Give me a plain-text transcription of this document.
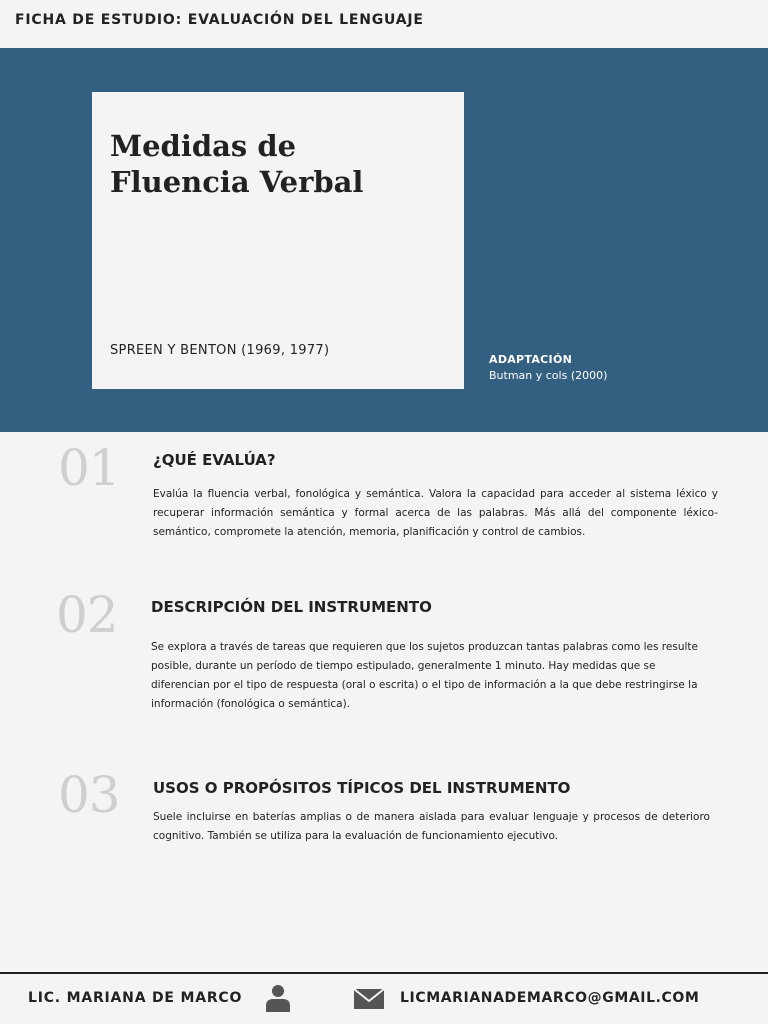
FICHA DE ESTUDIO: EVALUACIÓN DEL LENGUAJE
Medidas de Fluencia Verbal
SPREEN Y BENTON (1969, 1977)
ADAPTACIÓN
Butman y cols (2000)
01 ¿QUÉ EVALÚA?
Evalúa la fluencia verbal, fonológica y semántica. Valora la capacidad para acceder al sistema léxico y recuperar información semántica y formal acerca de las palabras. Más allá del componente léxico-semántico, compromete la atención, memoria, planificación y control de cambios.
02 DESCRIPCIÓN DEL INSTRUMENTO
Se explora a través de tareas que requieren que los sujetos produzcan tantas palabras como les resulte posible, durante un período de tiempo estipulado, generalmente 1 minuto. Hay medidas que se diferencian por el tipo de respuesta (oral o escrita) o el tipo de información a la que debe restringirse la información (fonológica o semántica).
03 USOS O PROPÓSITOS TÍPICOS DEL INSTRUMENTO
Suele incluirse en baterías amplias o de manera aislada para evaluar lenguaje y procesos de deterioro cognitivo. También se utiliza para la evaluación de funcionamiento ejecutivo.
LIC. MARIANA DE MARCO	LICMARIANADEMARCO@GMAIL.COM
